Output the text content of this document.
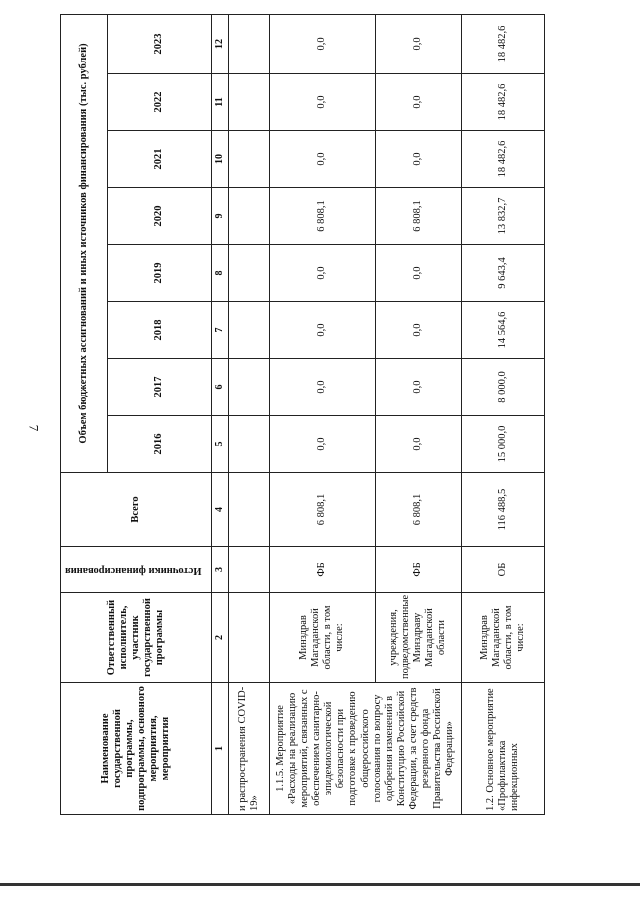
7
Наименование государственной программы, подпрограммы, основного мероприятия, мероприятия	Ответственный исполнитель, участник государственной программы	Источники финансирования	Всего	Объем бюджетных ассигнований и иных источников финансирования (тыс. рублей)							
				2016	2017	2018	2019	2020	2021	2022	2023
1	2	3	4	5	6	7	8	9	10	11	12
и распространения COVID-19»											
1.1.5. Мероприятие «Расходы на реализацию мероприятий, связанных с обеспечением санитарно-эпидемиологической безопасности при подготовке к проведению общероссийского голосования по вопросу одобрения изменений в Конституцию Российской Федерации, за счет средств резервного фонда Правительства Российской Федерации»	Минздрав Магаданской области, в том числе:	ФБ	6 808,1	0,0	0,0	0,0	0,0	6 808,1	0,0	0,0	0,0
	учреждения, подведомственные Минздраву Магаданской области	ФБ	6 808,1	0,0	0,0	0,0	0,0	6 808,1	0,0	0,0	0,0
1.2. Основное мероприятие «Профилактика инфекционных	Минздрав Магаданской области, в том числе:	ОБ	116 488,5	15 000,0	8 000,0	14 564,6	9 643,4	13 832,7	18 482,6	18 482,6	18 482,6
